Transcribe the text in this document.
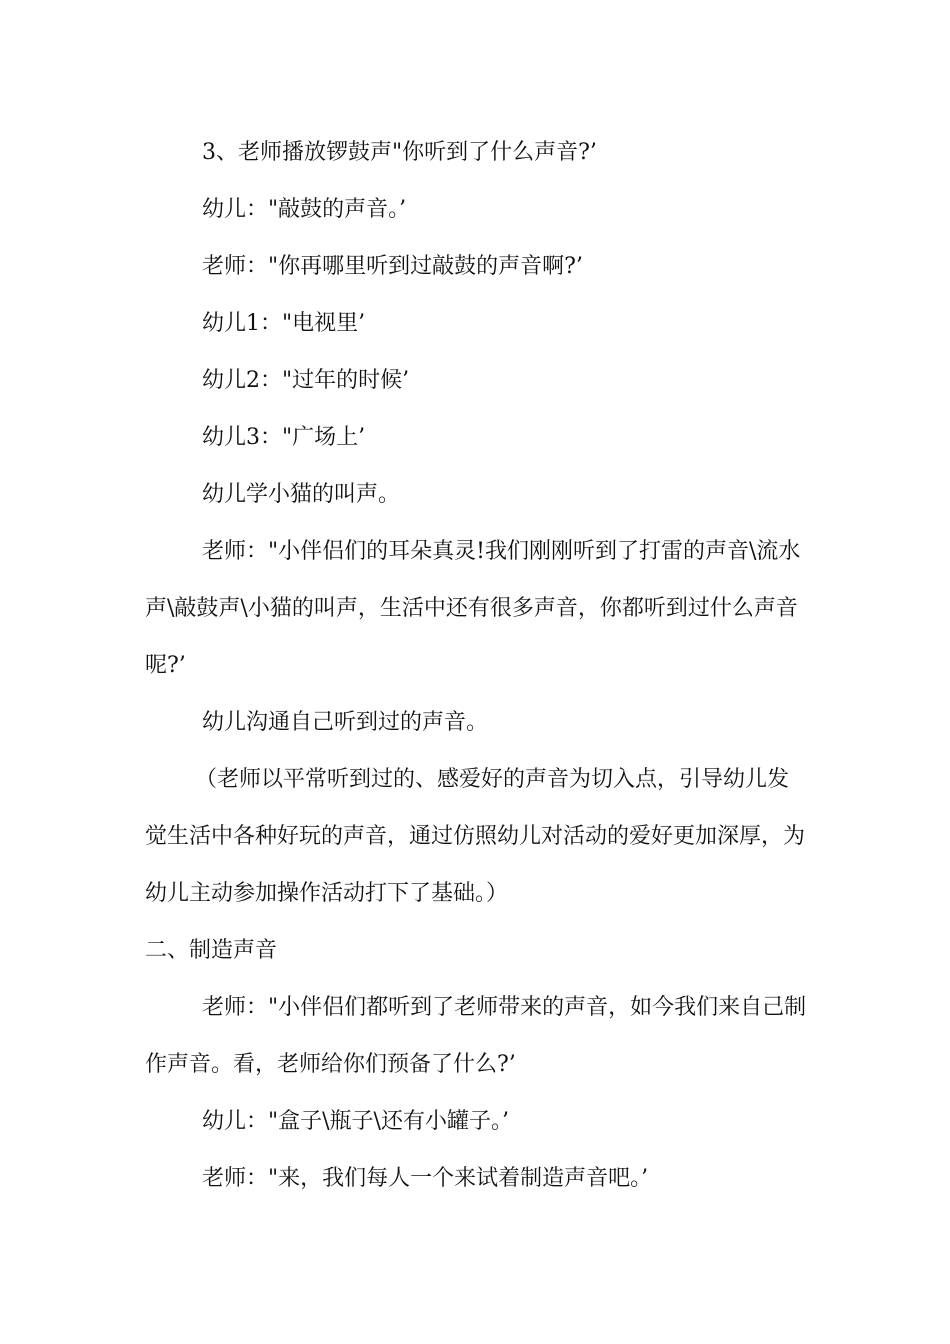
3、老师播放锣鼓声"你听到了什么声音?’

幼儿："敲鼓的声音。’

老师："你再哪里听到过敲鼓的声音啊?’

幼儿1："电视里’

幼儿2："过年的时候’

幼儿3："广场上’

幼儿学小猫的叫声。

老师："小伴侣们的耳朵真灵!我们刚刚听到了打雷的声音\流水声\敲鼓声\小猫的叫声，生活中还有很多声音，你都听到过什么声音呢?’

幼儿沟通自己听到过的声音。

（老师以平常听到过的、感爱好的声音为切入点，引导幼儿发觉生活中各种好玩的声音，通过仿照幼儿对活动的爱好更加深厚，为幼儿主动参加操作活动打下了基础。）

二、制造声音

老师："小伴侣们都听到了老师带来的声音，如今我们来自己制作声音。看，老师给你们预备了什么?’

幼儿："盒子\瓶子\还有小罐子。’

老师："来，我们每人一个来试着制造声音吧。’
